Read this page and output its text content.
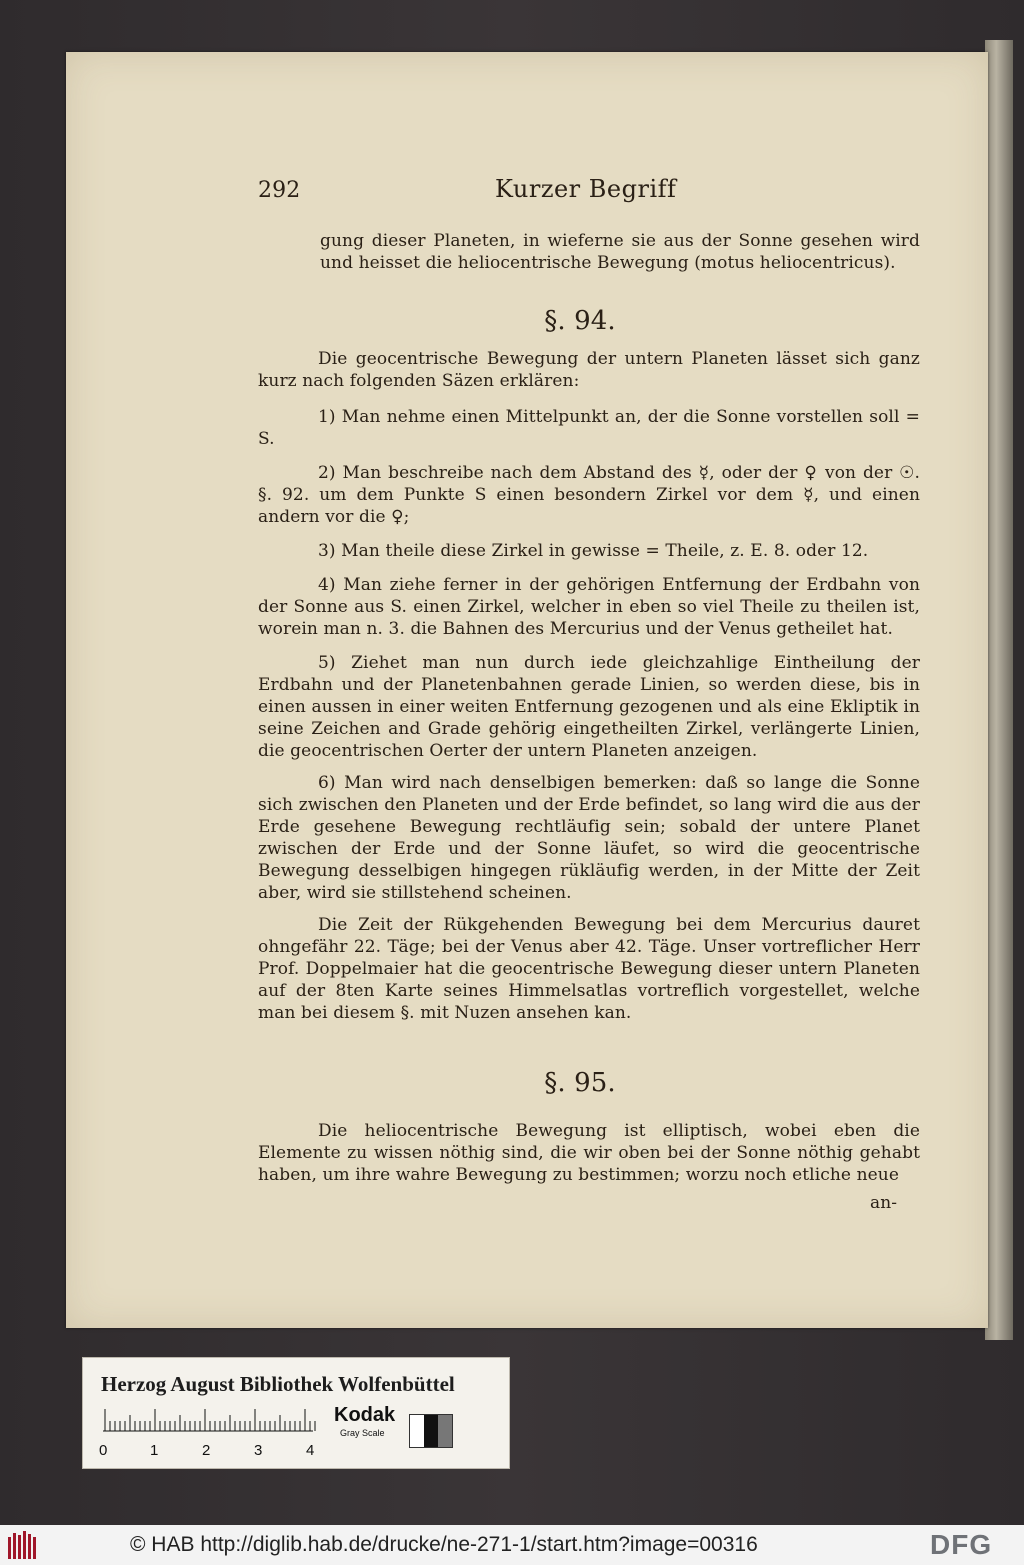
292	Kurzer Begriff
gung dieser Planeten, in wieferne sie aus der Sonne gesehen wird und heisset die heliocentrische Bewegung (motus heliocentricus).
§. 94.
Die geocentrische Bewegung der untern Planeten lässet sich ganz kurz nach folgenden Säzen erklären:
1) Man nehme einen Mittelpunkt an, der die Sonne vorstellen soll = S.
2) Man beschreibe nach dem Abstand des ☿, oder der ♀ von der ☉. §. 92. um dem Punkte S einen besondern Zirkel vor dem ☿, und einen andern vor die ♀;
3) Man theile diese Zirkel in gewisse = Theile, z. E. 8. oder 12.
4) Man ziehe ferner in der gehörigen Entfernung der Erdbahn von der Sonne aus S. einen Zirkel, welcher in eben so viel Theile zu theilen ist, worein man n. 3. die Bahnen des Mercurius und der Venus getheilet hat.
5) Ziehet man nun durch iede gleichzahlige Eintheilung der Erdbahn und der Planetenbahnen gerade Linien, so werden diese, bis in einen aussen in einer weiten Entfernung gezogenen und als eine Ekliptik in seine Zeichen and Grade gehörig eingetheilten Zirkel, verlängerte Linien, die geocentrischen Oerter der untern Planeten anzeigen.
6) Man wird nach denselbigen bemerken: daß so lange die Sonne sich zwischen den Planeten und der Erde befindet, so lang wird die aus der Erde gesehene Bewegung rechtläufig sein; sobald der untere Planet zwischen der Erde und der Sonne läufet, so wird die geocentrische Bewegung desselbigen hingegen rükläufig werden, in der Mitte der Zeit aber, wird sie stillstehend scheinen.
Die Zeit der Rükgehenden Bewegung bei dem Mercurius dauret ohngefähr 22. Täge; bei der Venus aber 42. Täge. Unser vortreflicher Herr Prof. Doppelmaier hat die geocentrische Bewegung dieser untern Planeten auf der 8ten Karte seines Himmelsatlas vortreflich vorgestellet, welche man bei diesem §. mit Nuzen ansehen kan.
§. 95.
Die heliocentrische Bewegung ist elliptisch, wobei eben die Elemente zu wissen nöthig sind, die wir oben bei der Sonne nöthig gehabt haben, um ihre wahre Bewegung zu bestimmen; worzu noch etliche neue
an-
Herzog August Bibliothek Wolfenbüttel
0	1	2	3	4
Kodak
Gray Scale
© HAB http://diglib.hab.de/drucke/ne-271-1/start.htm?image=00316	DFG
